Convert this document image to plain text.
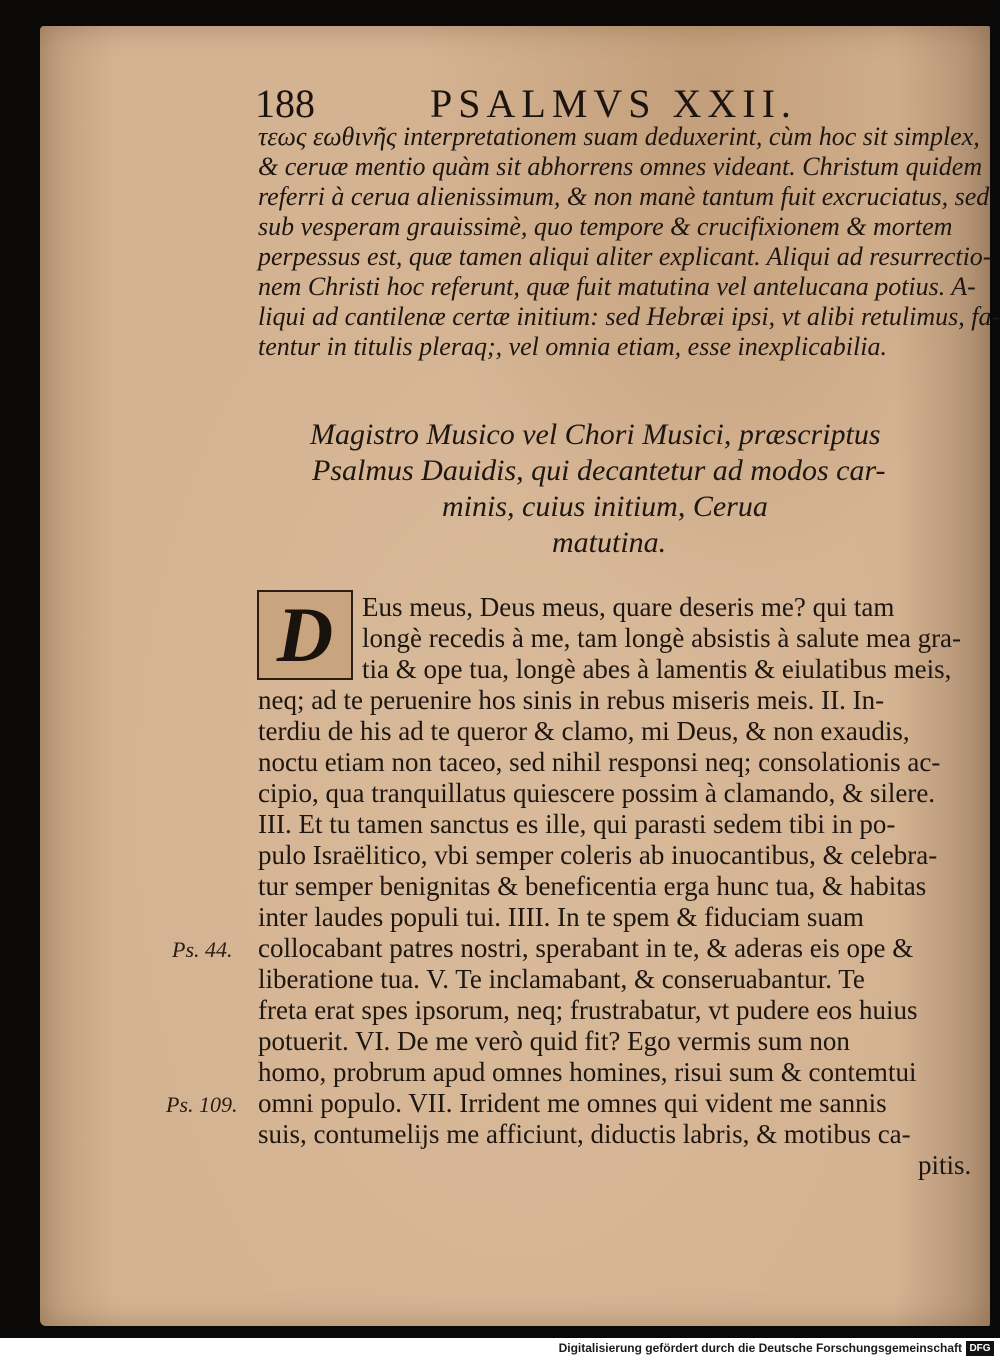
188	PSALMVS XXII.
τεως εωθινῆς interpretationem suam deduxerint, cùm hoc sit simplex,
& ceruæ mentio quàm sit abhorrens omnes videant. Christum quidem
referri à cerua alienissimum, & non manè tantum fuit excruciatus, sed
sub vesperam grauissimè, quo tempore & crucifixionem & mortem
perpessus est, quæ tamen aliqui aliter explicant. Aliqui ad resurrectio-
nem Christi hoc referunt, quæ fuit matutina vel antelucana potius. A-
liqui ad cantilenæ certæ initium: sed Hebræi ipsi, vt alibi retulimus, fa-
tentur in titulis pleraq;, vel omnia etiam, esse inexplicabilia.
Magistro Musico vel Chori Musici, præscriptus
Psalmus Dauidis, qui decantetur ad modos car-
minis, cuius initium, Cerua
matutina.
D	Eus meus, Deus meus, quare deseris me? qui tam
longè recedis à me, tam longè absistis à salute mea gra-
tia & ope tua, longè abes à lamentis & eiulatibus meis,
neq; ad te peruenire hos sinis in rebus miseris meis. II. In-
terdiu de his ad te queror & clamo, mi Deus, & non exaudis,
noctu etiam non taceo, sed nihil responsi neq; consolationis ac-
cipio, qua tranquillatus quiescere possim à clamando, & silere.
III. Et tu tamen sanctus es ille, qui parasti sedem tibi in po-
pulo Israëlitico, vbi semper coleris ab inuocantibus, & celebra-
tur semper benignitas & beneficentia erga hunc tua, & habitas
inter laudes populi tui. IIII. In te spem & fiduciam suam
collocabant patres nostri, sperabant in te, & aderas eis ope &
liberatione tua. V. Te inclamabant, & conseruabantur. Te
freta erat spes ipsorum, neq; frustrabatur, vt pudere eos huius
potuerit. VI. De me verò quid fit? Ego vermis sum non
homo, probrum apud omnes homines, risui sum & contemtui
omni populo. VII. Irrident me omnes qui vident me sannis
suis, contumelijs me afficiunt, diductis labris, & motibus ca-
pitis.
Ps. 44.
Ps. 109.
Digitalisierung gefördert durch die Deutsche Forschungsgemeinschaft DFG
